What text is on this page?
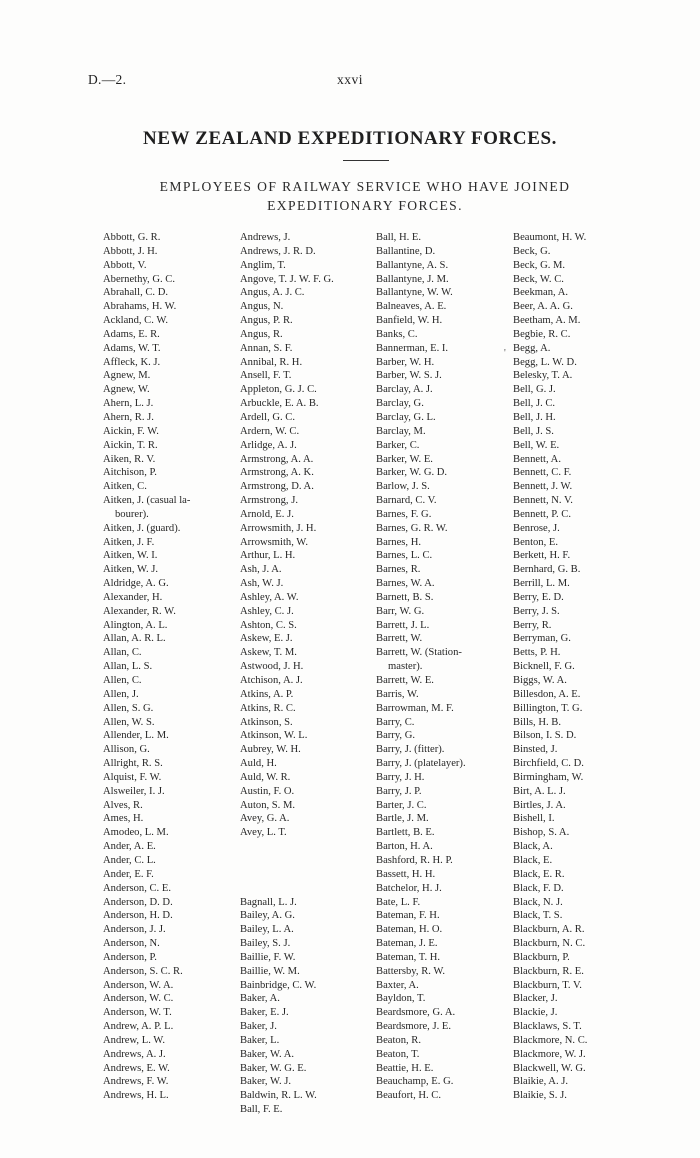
D.—2.	xxvi
NEW ZEALAND EXPEDITIONARY FORCES.
EMPLOYEES OF RAILWAY SERVICE WHO HAVE JOINED
EXPEDITIONARY FORCES.
'
Abbott, G. R.
Abbott, J. H.
Abbott, V.
Abernethy, G. C.
Abrahall, C. D.
Abrahams, H. W.
Ackland, C. W.
Adams, E. R.
Adams, W. T.
Affleck, K. J.
Agnew, M.
Agnew, W.
Ahern, L. J.
Ahern, R. J.
Aickin, F. W.
Aickin, T. R.
Aiken, R. V.
Aitchison, P.
Aitken, C.
Aitken, J. (casual la-
bourer).
Aitken, J. (guard).
Aitken, J. F.
Aitken, W. I.
Aitken, W. J.
Aldridge, A. G.
Alexander, H.
Alexander, R. W.
Alington, A. L.
Allan, A. R. L.
Allan, C.
Allan, L. S.
Allen, C.
Allen, J.
Allen, S. G.
Allen, W. S.
Allender, L. M.
Allison, G.
Allright, R. S.
Alquist, F. W.
Alsweiler, I. J.
Alves, R.
Ames, H.
Amodeo, L. M.
Ander, A. E.
Ander, C. L.
Ander, E. F.
Anderson, C. E.
Anderson, D. D.
Anderson, H. D.
Anderson, J. J.
Anderson, N.
Anderson, P.
Anderson, S. C. R.
Anderson, W. A.
Anderson, W. C.
Anderson, W. T.
Andrew, A. P. L.
Andrew, L. W.
Andrews, A. J.
Andrews, E. W.
Andrews, F. W.
Andrews, H. L.
Andrews, J.
Andrews, J. R. D.
Anglim, T.
Angove, T. J. W. F. G.
Angus, A. J. C.
Angus, N.
Angus, P. R.
Angus, R.
Annan, S. F.
Annibal, R. H.
Ansell, F. T.
Appleton, G. J. C.
Arbuckle, E. A. B.
Ardell, G. C.
Ardern, W. C.
Arlidge, A. J.
Armstrong, A. A.
Armstrong, A. K.
Armstrong, D. A.
Armstrong, J.
Arnold, E. J.
Arrowsmith, J. H.
Arrowsmith, W.
Arthur, L. H.
Ash, J. A.
Ash, W. J.
Ashley, A. W.
Ashley, C. J.
Ashton, C. S.
Askew, E. J.
Askew, T. M.
Astwood, J. H.
Atchison, A. J.
Atkins, A. P.
Atkins, R. C.
Atkinson, S.
Atkinson, W. L.
Aubrey, W. H.
Auld, H.
Auld, W. R.
Austin, F. O.
Auton, S. M.
Avey, G. A.
Avey, L. T.
Bagnall, L. J.
Bailey, A. G.
Bailey, L. A.
Bailey, S. J.
Baillie, F. W.
Baillie, W. M.
Bainbridge, C. W.
Baker, A.
Baker, E. J.
Baker, J.
Baker, L.
Baker, W. A.
Baker, W. G. E.
Baker, W. J.
Baldwin, R. L. W.
Ball, F. E.
Ball, H. E.
Ballantine, D.
Ballantyne, A. S.
Ballantyne, J. M.
Ballantyne, W. W.
Balneaves, A. E.
Banfield, W. H.
Banks, C.
Bannerman, E. I.
Barber, W. H.
Barber, W. S. J.
Barclay, A. J.
Barclay, G.
Barclay, G. L.
Barclay, M.
Barker, C.
Barker, W. E.
Barker, W. G. D.
Barlow, J. S.
Barnard, C. V.
Barnes, F. G.
Barnes, G. R. W.
Barnes, H.
Barnes, L. C.
Barnes, R.
Barnes, W. A.
Barnett, B. S.
Barr, W. G.
Barrett, J. L.
Barrett, W.
Barrett, W. (Station-
master).
Barrett, W. E.
Barris, W.
Barrowman, M. F.
Barry, C.
Barry, G.
Barry, J. (fitter).
Barry, J. (platelayer).
Barry, J. H.
Barry, J. P.
Barter, J. C.
Bartle, J. M.
Bartlett, B. E.
Barton, H. A.
Bashford, R. H. P.
Bassett, H. H.
Batchelor, H. J.
Bate, L. F.
Bateman, F. H.
Bateman, H. O.
Bateman, J. E.
Bateman, T. H.
Battersby, R. W.
Baxter, A.
Bayldon, T.
Beardsmore, G. A.
Beardsmore, J. E.
Beaton, R.
Beaton, T.
Beattie, H. E.
Beauchamp, E. G.
Beaufort, H. C.
Beaumont, H. W.
Beck, G.
Beck, G. M.
Beck, W. C.
Beekman, A.
Beer, A. A. G.
Beetham, A. M.
Begbie, R. C.
Begg, A.
Begg, L. W. D.
Belesky, T. A.
Bell, G. J.
Bell, J. C.
Bell, J. H.
Bell, J. S.
Bell, W. E.
Bennett, A.
Bennett, C. F.
Bennett, J. W.
Bennett, N. V.
Bennett, P. C.
Benrose, J.
Benton, E.
Berkett, H. F.
Bernhard, G. B.
Berrill, L. M.
Berry, E. D.
Berry, J. S.
Berry, R.
Berryman, G.
Betts, P. H.
Bicknell, F. G.
Biggs, W. A.
Billesdon, A. E.
Billington, T. G.
Bills, H. B.
Bilson, I. S. D.
Binsted, J.
Birchfield, C. D.
Birmingham, W.
Birt, A. L. J.
Birtles, J. A.
Bishell, I.
Bishop, S. A.
Black, A.
Black, E.
Black, E. R.
Black, F. D.
Black, N. J.
Black, T. S.
Blackburn, A. R.
Blackburn, N. C.
Blackburn, P.
Blackburn, R. E.
Blackburn, T. V.
Blacker, J.
Blackie, J.
Blacklaws, S. T.
Blackmore, N. C.
Blackmore, W. J.
Blackwell, W. G.
Blaikie, A. J.
Blaikie, S. J.
